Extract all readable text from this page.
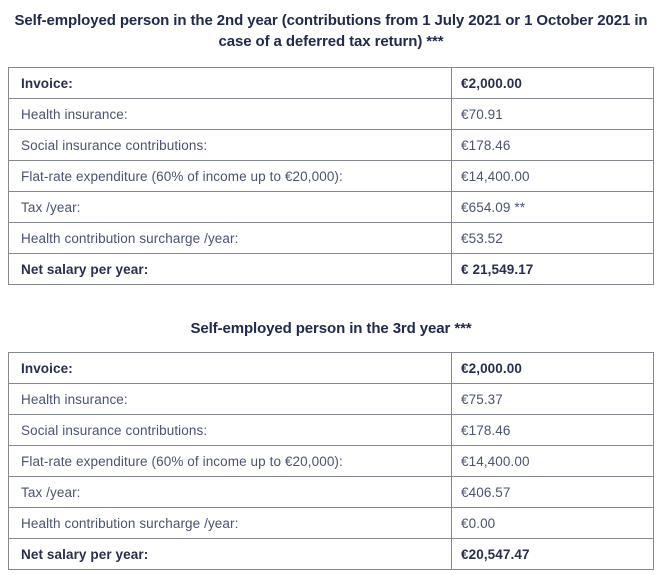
Self-employed person in the 2nd year (contributions from 1 July 2021 or 1 October 2021 in case of a deferred tax return) ***
Invoice:	€2,000.00
Health insurance:	€70.91
Social insurance contributions:	€178.46
Flat-rate expenditure (60% of income up to €20,000):	€14,400.00
Tax /year:	€654.09 **
Health contribution surcharge /year:	€53.52
Net salary per year:	€ 21,549.17
Self-employed person in the 3rd year ***
Invoice:	€2,000.00
Health insurance:	€75.37
Social insurance contributions:	€178.46
Flat-rate expenditure (60% of income up to €20,000):	€14,400.00
Tax /year:	€406.57
Health contribution surcharge /year:	€0.00
Net salary per year:	€20,547.47
